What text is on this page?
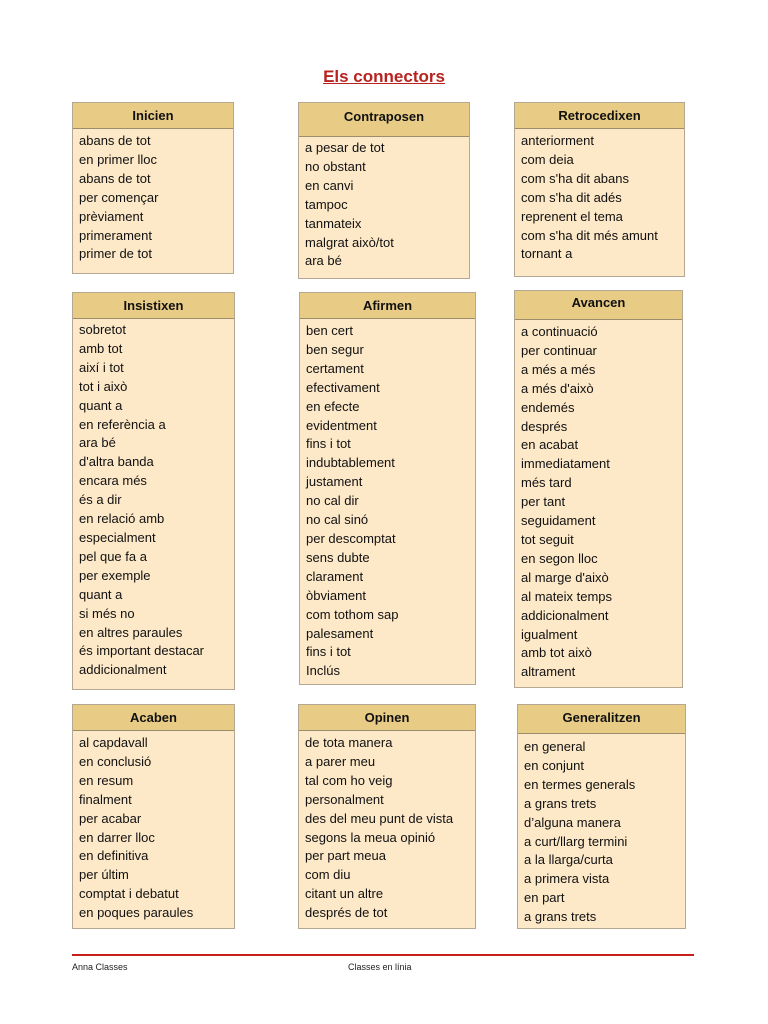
Els connectors
Inicien
abans de tot
en primer lloc
abans de tot
per començar
prèviament
primerament
primer de tot
Contraposen
a pesar de tot
no obstant
en canvi
tampoc
tanmateix
malgrat això/tot
ara bé
Retrocedixen
anteriorment
com deia
com s'ha dit abans
com s'ha dit adés
reprenent el tema
com s'ha dit més amunt
tornant a
Insistixen
sobretot
amb tot
així i tot
tot i això
quant a
en referència a
ara bé
d'altra banda
encara més
és a dir
en relació amb
especialment
pel que fa a
per exemple
quant a
si més no
en altres paraules
és important destacar
addicionalment
Afirmen
ben cert
ben segur
certament
efectivament
en efecte
evidentment
fins i tot
indubtablement
justament
no cal dir
no cal sinó
per descomptat
sens dubte
clarament
òbviament
com tothom sap
palesament
fins i tot
Inclús
Avancen
a continuació
per continuar
a més a més
a més d'això
endemés
després
en acabat
immediatament
més tard
per tant
seguidament
tot seguit
en segon lloc
al marge d'això
al mateix temps
addicionalment
igualment
amb tot això
altrament
Acaben
al capdavall
en conclusió
en resum
finalment
per acabar
en darrer lloc
en definitiva
per últim
comptat i debatut
en poques paraules
Opinen
de tota manera
a parer meu
tal com ho veig
personalment
des del meu punt de vista
segons la meua opinió
per part meua
com diu
citant un altre
després de tot
Generalitzen
en general
en conjunt
en termes generals
a grans trets
d’alguna manera
a curt/llarg termini
a la llarga/curta
a primera vista
en part
a grans trets
Anna Classes	Classes en línia
